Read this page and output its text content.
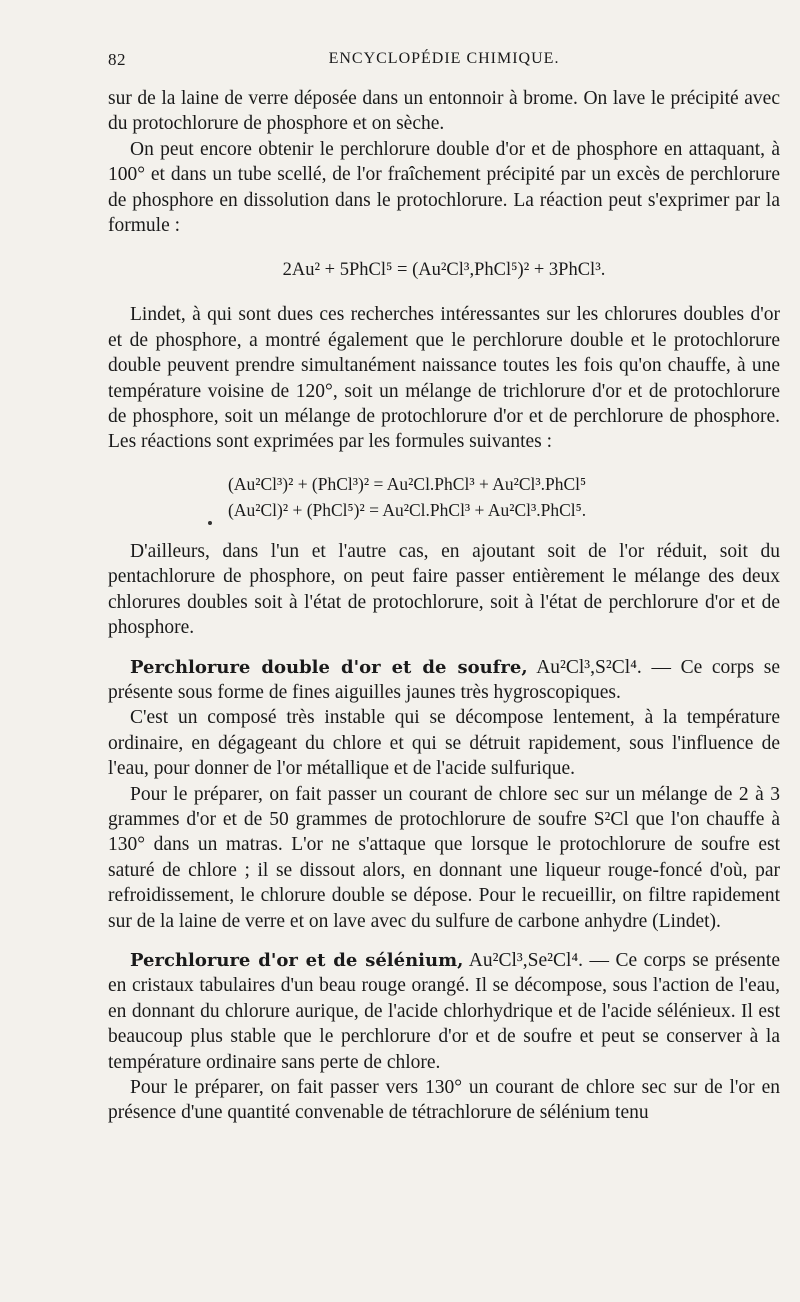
82	ENCYCLOPÉDIE CHIMIQUE.

sur de la laine de verre déposée dans un entonnoir à brome. On lave le précipité avec du protochlorure de phosphore et on sèche.

On peut encore obtenir le perchlorure double d'or et de phosphore en attaquant, à 100° et dans un tube scellé, de l'or fraîchement précipité par un excès de perchlorure de phosphore en dissolution dans le protochlorure. La réaction peut s'exprimer par la formule :

2Au² + 5PhCl⁵ = (Au²Cl³,PhCl⁵)² + 3PhCl³.

Lindet, à qui sont dues ces recherches intéressantes sur les chlorures doubles d'or et de phosphore, a montré également que le perchlorure double et le protochlorure double peuvent prendre simultanément naissance toutes les fois qu'on chauffe, à une température voisine de 120°, soit un mélange de trichlorure d'or et de protochlorure de phosphore, soit un mélange de protochlorure d'or et de perchlorure de phosphore. Les réactions sont exprimées par les formules suivantes :

(Au²Cl³)² + (PhCl³)² = Au²Cl.PhCl³ + Au²Cl³.PhCl⁵
(Au²Cl)² + (PhCl⁵)² = Au²Cl.PhCl³ + Au²Cl³.PhCl⁵.

D'ailleurs, dans l'un et l'autre cas, en ajoutant soit de l'or réduit, soit du pentachlorure de phosphore, on peut faire passer entièrement le mélange des deux chlorures doubles soit à l'état de protochlorure, soit à l'état de perchlorure d'or et de phosphore.

Perchlorure double d'or et de soufre, Au²Cl³,S²Cl⁴. — Ce corps se présente sous forme de fines aiguilles jaunes très hygroscopiques.

C'est un composé très instable qui se décompose lentement, à la température ordinaire, en dégageant du chlore et qui se détruit rapidement, sous l'influence de l'eau, pour donner de l'or métallique et de l'acide sulfurique.

Pour le préparer, on fait passer un courant de chlore sec sur un mélange de 2 à 3 grammes d'or et de 50 grammes de protochlorure de soufre S²Cl que l'on chauffe à 130° dans un matras. L'or ne s'attaque que lorsque le protochlorure de soufre est saturé de chlore ; il se dissout alors, en donnant une liqueur rouge-foncé d'où, par refroidissement, le chlorure double se dépose. Pour le recueillir, on filtre rapidement sur de la laine de verre et on lave avec du sulfure de carbone anhydre (Lindet).

Perchlorure d'or et de sélénium, Au²Cl³,Se²Cl⁴. — Ce corps se présente en cristaux tabulaires d'un beau rouge orangé. Il se décompose, sous l'action de l'eau, en donnant du chlorure aurique, de l'acide chlorhydrique et de l'acide sélénieux. Il est beaucoup plus stable que le perchlorure d'or et de soufre et peut se conserver à la température ordinaire sans perte de chlore.

Pour le préparer, on fait passer vers 130° un courant de chlore sec sur de l'or en présence d'une quantité convenable de tétrachlorure de sélénium tenu
